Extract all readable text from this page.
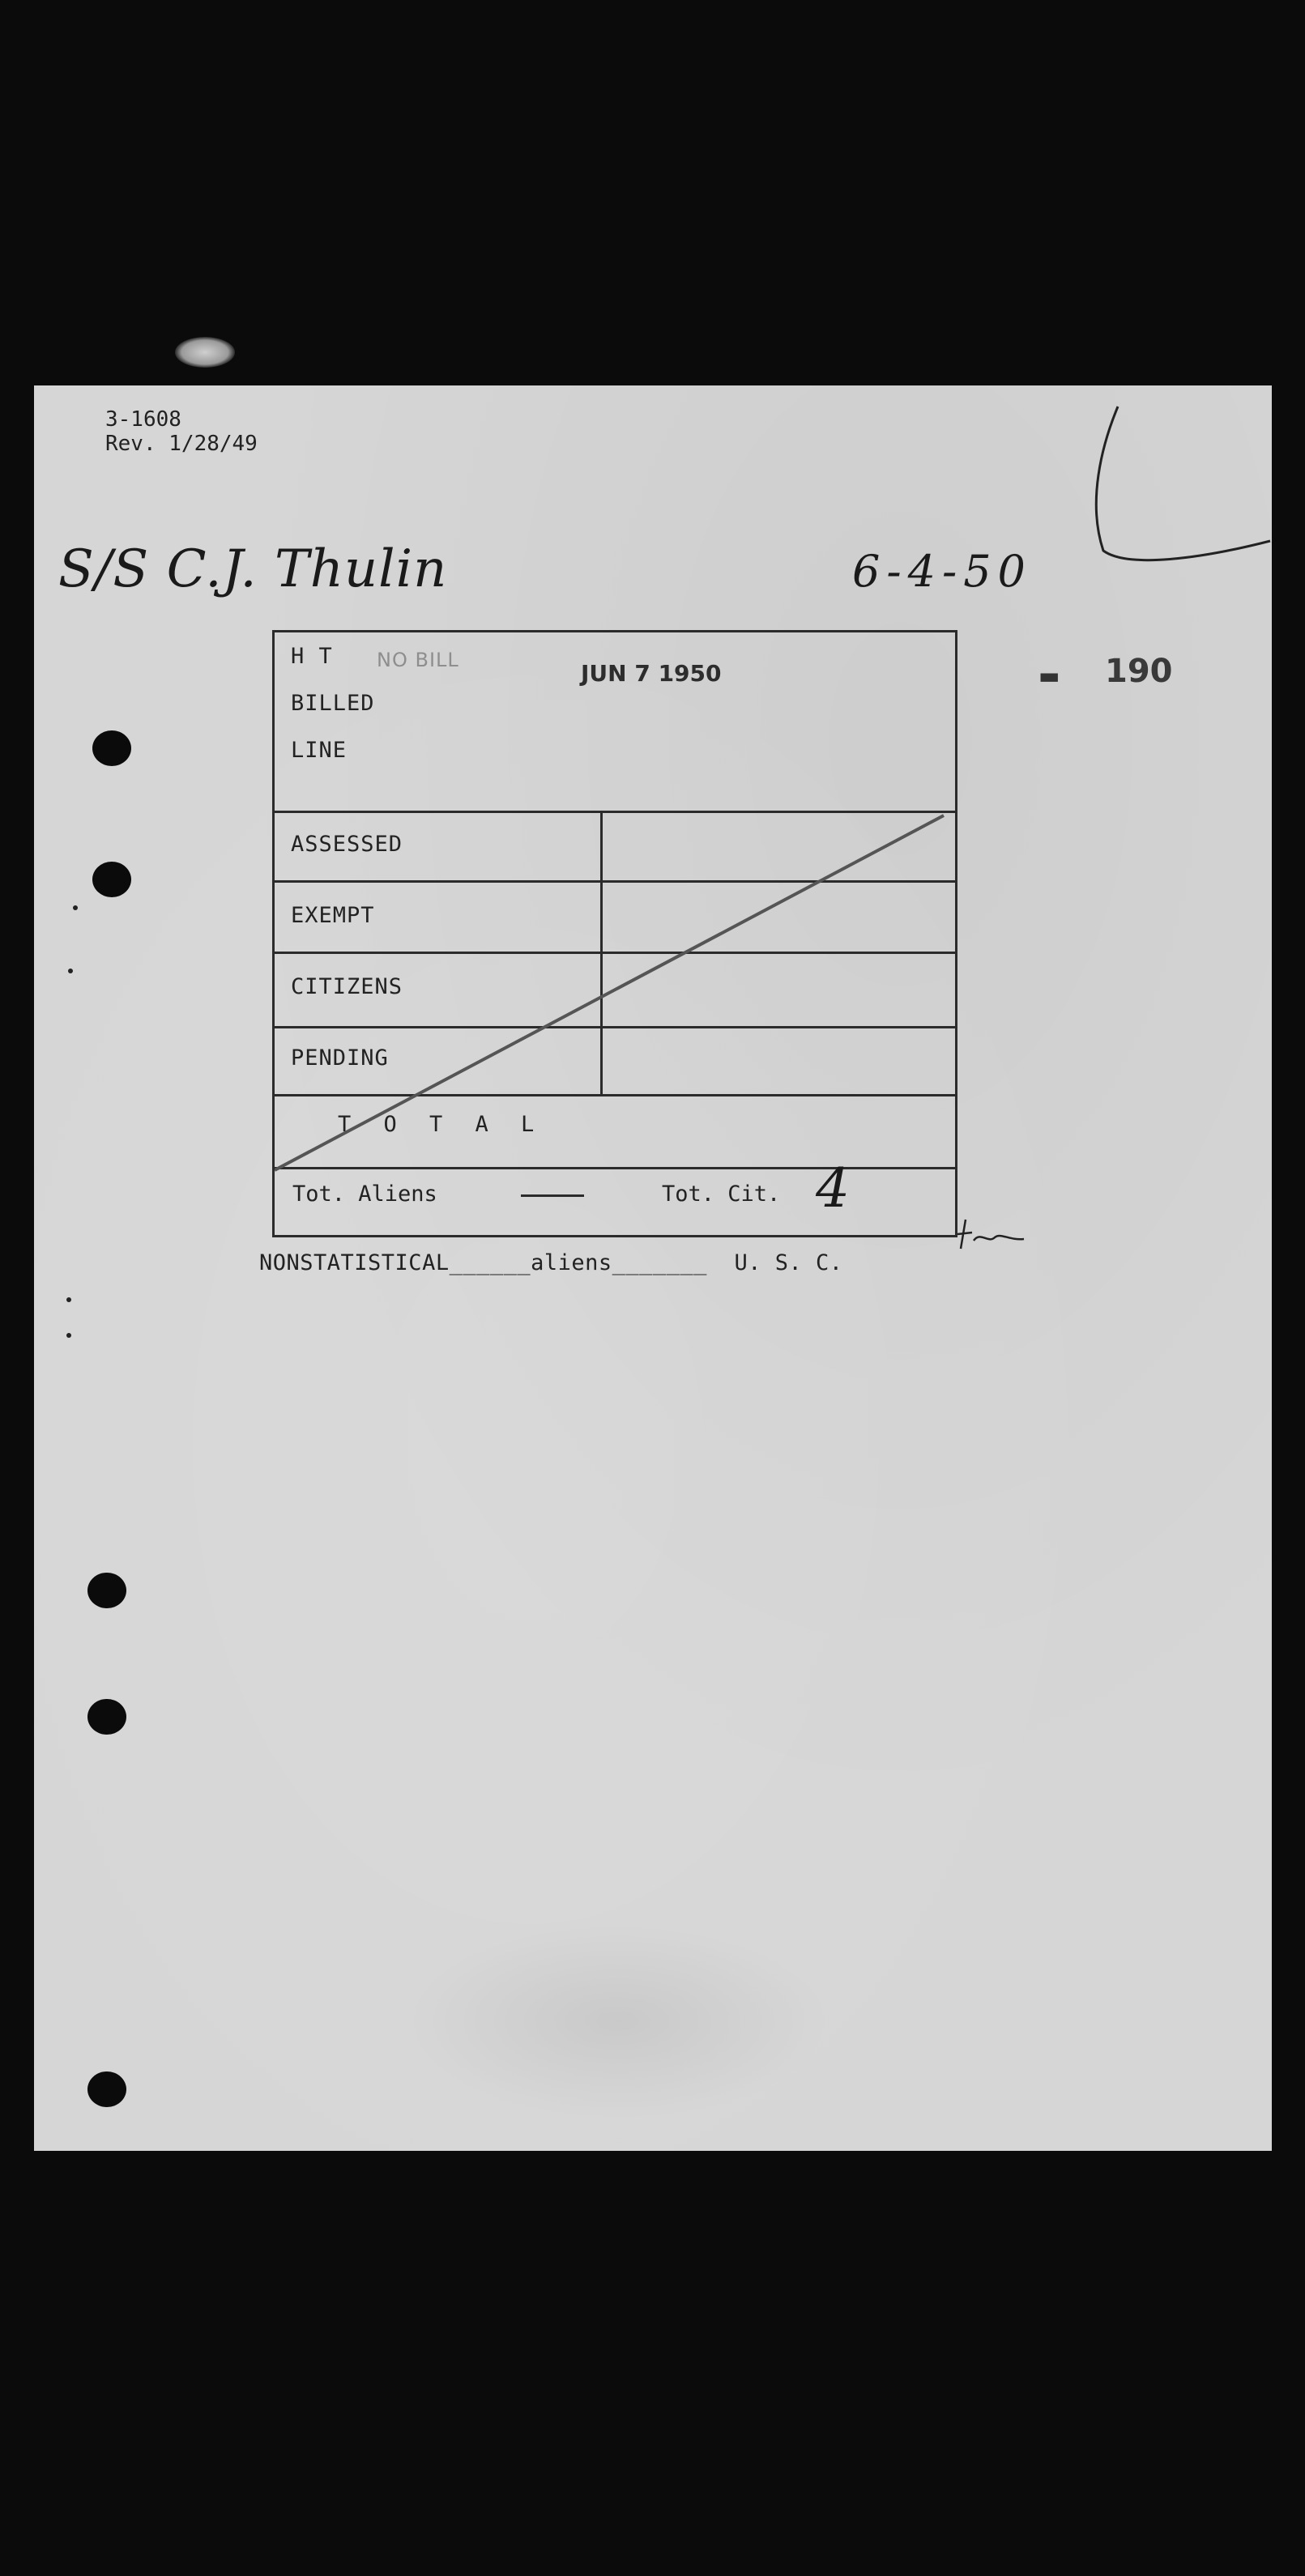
3-1608
Rev. 1/28/49
S/S C.J. Thulin	6-4-50
▬ 190
H T
BILLED
LINE
NO BILL	JUN 7 1950
ASSESSED
EXEMPT
CITIZENS
PENDING
T O T A L
Tot. Aliens	Tot. Cit. 4
NONSTATISTICAL______aliens_______  U. S. C.
